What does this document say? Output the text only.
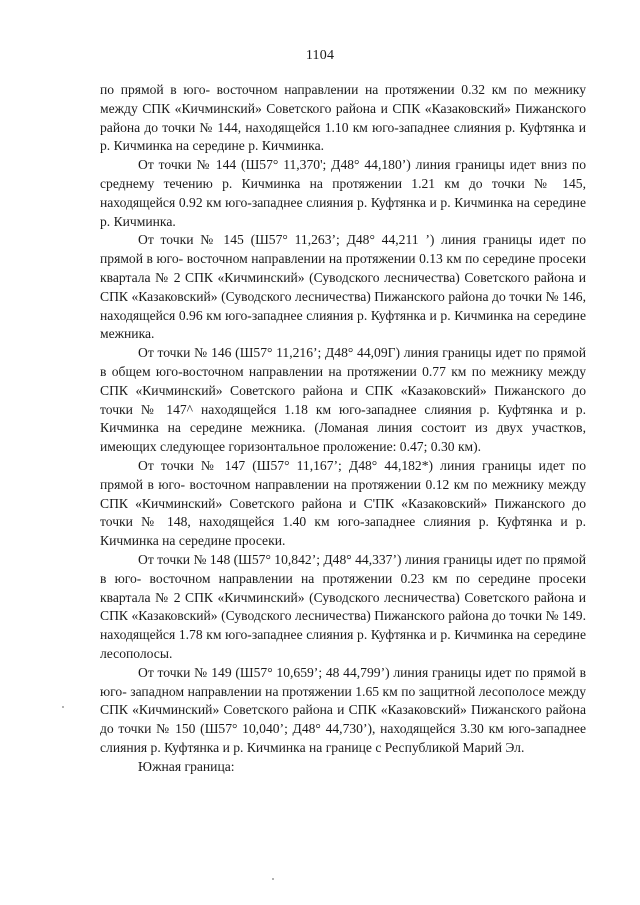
1104

по прямой в юго- восточном направлении на протяжении 0.32 км по межнику между СПК «Кичминский» Советского района и СПК «Казаковский» Пижанского района до точки № 144, находящейся 1.10 км юго-западнее слияния р. Куфтянка и р. Кичминка на середине р. Кичминка.

От точки № 144 (Ш57° 11,370'; Д48° 44,180’) линия границы идет вниз по среднему течению р. Кичминка на протяжении 1.21 км до точки № 145, находящейся 0.92 км юго-западнее слияния р. Куфтянка и р. Кичминка на середине р. Кичминка.

От точки № 145 (Ш57° 11,263’; Д48° 44,211 ’) линия границы идет по прямой в юго- восточном направлении на протяжении 0.13 км по середине просеки квартала № 2 СПК «Кичминский» (Суводского лесничества) Советского района и СПК «Казаковский» (Суводского лесничества) Пижанского района до точки № 146, находящейся 0.96 км юго-западнее слияния р. Куфтянка и р. Кичминка на середине межника.

От точки № 146 (Ш57° 11,216’; Д48° 44,09Г) линия границы идет по прямой в общем юго-восточном направлении на протяжении 0.77 км по межнику между СПК «Кичминский» Советского района и СПК «Казаковский» Пижанского до точки № 147^ находящейся 1.18 км юго-западнее слияния р. Куфтянка и р. Кичминка на середине межника. (Ломаная линия состоит из двух участков, имеющих следующее горизонтальное проложение: 0.47; 0.30 км).

От точки № 147 (Ш57° 11,167’; Д48° 44,182*) линия границы идет по прямой в юго- восточном направлении на протяжении 0.12 км по межнику между СПК «Кичминский» Советского района и С'ПК «Казаковский» Пижанского до точки № 148, находящейся 1.40 км юго-западнее слияния р. Куфтянка и р. Кичминка на середине просеки.

От точки № 148 (Ш57° 10,842’; Д48° 44,337’) линия границы идет по прямой в юго- восточном направлении на протяжении 0.23 км по середине просеки квартала № 2 СПК «Кичминский» (Суводского лесничества) Советского района и СПК «Казаковский» (Суводского лесничества) Пижанского района до точки № 149. находящейся 1.78 км юго-западнее слияния р. Куфтянка и р. Кичминка на середине лесополосы.

От точки № 149 (Ш57° 10,659’; 48 44,799’) линия границы идет по прямой в юго- западном направлении на протяжении 1.65 км по защитной лесополосе между СПК «Кичминский» Советского района и СПК «Казаковский» Пижанского района до точки № 150 (Ш57° 10,040’; Д48° 44,730’), находящейся 3.30 км юго-западнее слияния р. Куфтянка и р. Кичминка на границе с Республикой Марий Эл.

Южная граница:
